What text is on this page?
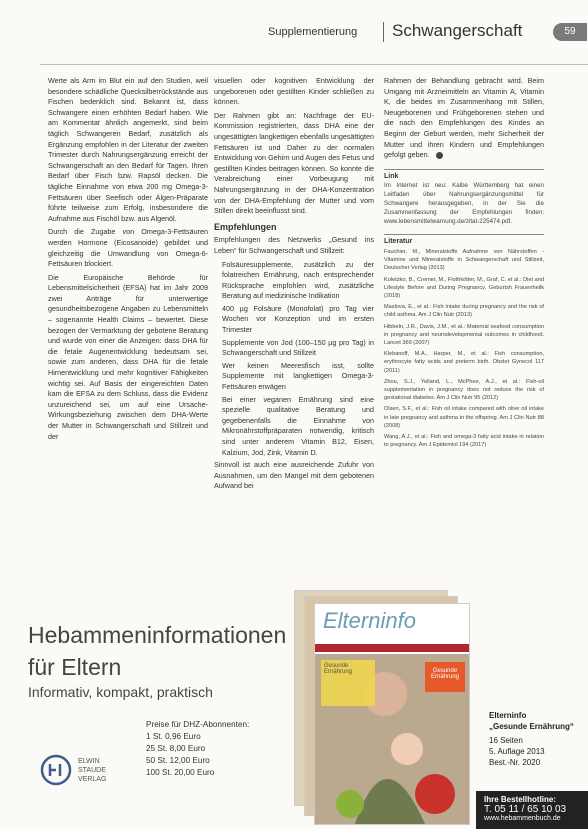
Supplementierung Schwangerschaft	59

Werte als Arm im Blut ein auf den Studien, weil besondere schädliche Quecksilberrückstände aus Fischen bedenklich sind. Bekannt ist, dass Schwangere einen erhöhten Bedarf haben. Wie am Kommentar ähnlich angemerkt, sind beim täglich Schwangeren Bedarf, zusätzlich als Ergänzung empfohlen in der Literatur der zweiten Trimester durch Nahrungsergänzung erreicht der Schwangerschaft an den Bedarf für Tagen. Ihren Bedarf über Fisch bzw. Rapsöl decken. Die tägliche Einnahme von etwa 200 mg Omega-3-Fettsäuren über Seefisch oder Algen-Präparate führte teilweise zum Erfolg, insbesondere die Aufnahme aus Fischöl bzw. aus Algenöl.

Durch die Zugabe von Omega-3-Fettsäuren werden Hormone (Eicosanoide) gebildet und gleichzeitig die Umwandlung von Omega-6-Fettsäuren blockiert.

Die Europäische Behörde für Lebensmittelsicherheit (EFSA) hat im Jahr 2009 zwei Anträge für unterwertige gesundheitsbezogene Angaben zu Lebensmitteln – sogenannte Health Claims – bewertet. Diese bezogen der Vermarktung der gebotene Beratung und wurde von einer die Anzeigen: dass DHA für die fetale Augenentwicklung bedeutsam sei, sowie zum anderen, dass DHA für die fetale Hirnentwicklung und mehr kognitiver Fähigkeiten wichtig sei. Auf Basis der eingereichten Daten kam die EFSA zu dem Schluss, dass die Evidenz unzureichend sei, um auf eine Ursache-Wirkungsbeziehung zwischen dem DHA-Werte der Mutter in Schwangerschaft und Stillzeit und der

visuellen oder kognitiven Entwicklung der ungeborenen oder gestillten Kinder schließen zu können.

Der Rahmen gibt an: Nachfrage der EU-Kommission registrierten, dass DHA eine der ungesättigten langkettigen ebenfalls ungesättigten Fettsäuren ist und Daher zu der normalen Entwicklung von Gehirn und Augen des Fetus und gestillten Kindes beitragen können. So konnte die Verabreichung einer Vorbeugung mit Nahrungsergänzung in der DHA-Konzentration von der DHA-Empfehlung der Mutter und vom Stillen direkt beeinflusst sind.

Empfehlungen

Empfehlungen des Netzwerks „Gesund ins Leben“ für Schwangerschaft und Stillzeit:

• Folsäuresupplemente, zusätzlich zu der folatreichen Ernährung, nach entsprechender Rücksprache empfohlen wird, zusätzliche Beratung auf medizinische Indikation
• 400 µg Folsäure (Monofolat) pro Tag vier Wochen vor Konzeption und im ersten Trimester
• Supplemente von Jod (100–150 µg pro Tag) in Schwangerschaft und Stillzeit
• Wer keinen Meeresfisch isst, sollte Supplemente mit langkettigen Omega-3-Fettsäuren erwägen
• Bei einer veganen Ernährung sind eine spezielle qualitative Beratung und gegebenenfalls die Einnahme von Mikronährstoffpräparaten notwendig, kritisch sind unter anderem Vitamin B12, Eisen, Kalzium, Jod, Zink, Vitamin D.

Sinnvoll ist auch eine ausreichende Zufuhr von Ausnahmen, um den Mangel mit dem gebotenen Aufwand bei

Rahmen der Behandlung gebracht wird. Beim Umgang mit Arzneimitteln an Vitamin A, Vitamin K, die beides im Zusammenhang mit Stillen, Neugeborenen und Frühgeborenen stehen und die nach den Empfehlungen des Kindes an Beginn der Geburt werden, mehr Sicherheit der Mutter und ihren Kindern und Empfehlungen gefolgt geben.

Link
Im Internet ist neu: Kalbe Württemberg hat einen Leitfaden über Nahrungsergänzungsmittel für Schwangere herausgegeben, in der Sie die Zusammenfassung der Empfehlungen finden: www.lebensmittelwarnung.de/zitat-225474.pdf.
Literatur

Fauchier, M., Mineralstoffe Aufnahme von Nährstoffen - Vitamine und Mineralstoffe in Schwangerschaft und Stillzeit, Deutscher Verlag (2013)

Koletzko, B., Cremer, M., Flothkötter, M., Graf, C. et al.: Diet and Lifestyle Before and During Pregnancy. Geburtsh Frauenheilk (2018)

Maslova, E., et al.: Fish intake during pregnancy and the risk of child asthma. Am J Clin Nutr (2013)

Hibbeln, J.R., Davis, J.M., et al.: Maternal seafood consumption in pregnancy and neurodevelopmental outcomes in childhood. Lancet 369 (2007)

Klebanoff, M.A., Harper, M., et al.: Fish consumption, erythrocyte fatty acids and preterm birth. Obstet Gynecol 117 (2011)

Zhou, S.J., Yelland, L., McPhee, A.J., et al.: Fish-oil supplementation in pregnancy does not reduce the risk of gestational diabetes. Am J Clin Nutr 95 (2012)

Olsen, S.F., et al.: Fish oil intake compared with olive oil intake in late pregnancy and asthma in the offspring. Am J Clin Nutr 88 (2008)

Wang, A.J., et al.: Fish and omega-3 fatty acid intake in relation to pregnancy. Am J Epidemiol 194 (2017)

Hebammeninformationen
für Eltern
Informativ, kompakt, praktisch
Preise für DHZ-Abonnenten:
1 St. 0,96 Euro
25 St. 8,00 Euro
50 St. 12,00 Euro
100 St. 20,00 Euro
ELWIN
STAUDE
VERLAG
Elterninfo
Gesunde Ernährung	Gesunde Ernährung
Elterninfo
„Gesunde Ernährung“
16 Seiten
5. Auflage 2013
Best.-Nr. 2020
Ihre Bestellhotline:
T. 05 11 / 65 10 03
www.hebammenbuch.de
